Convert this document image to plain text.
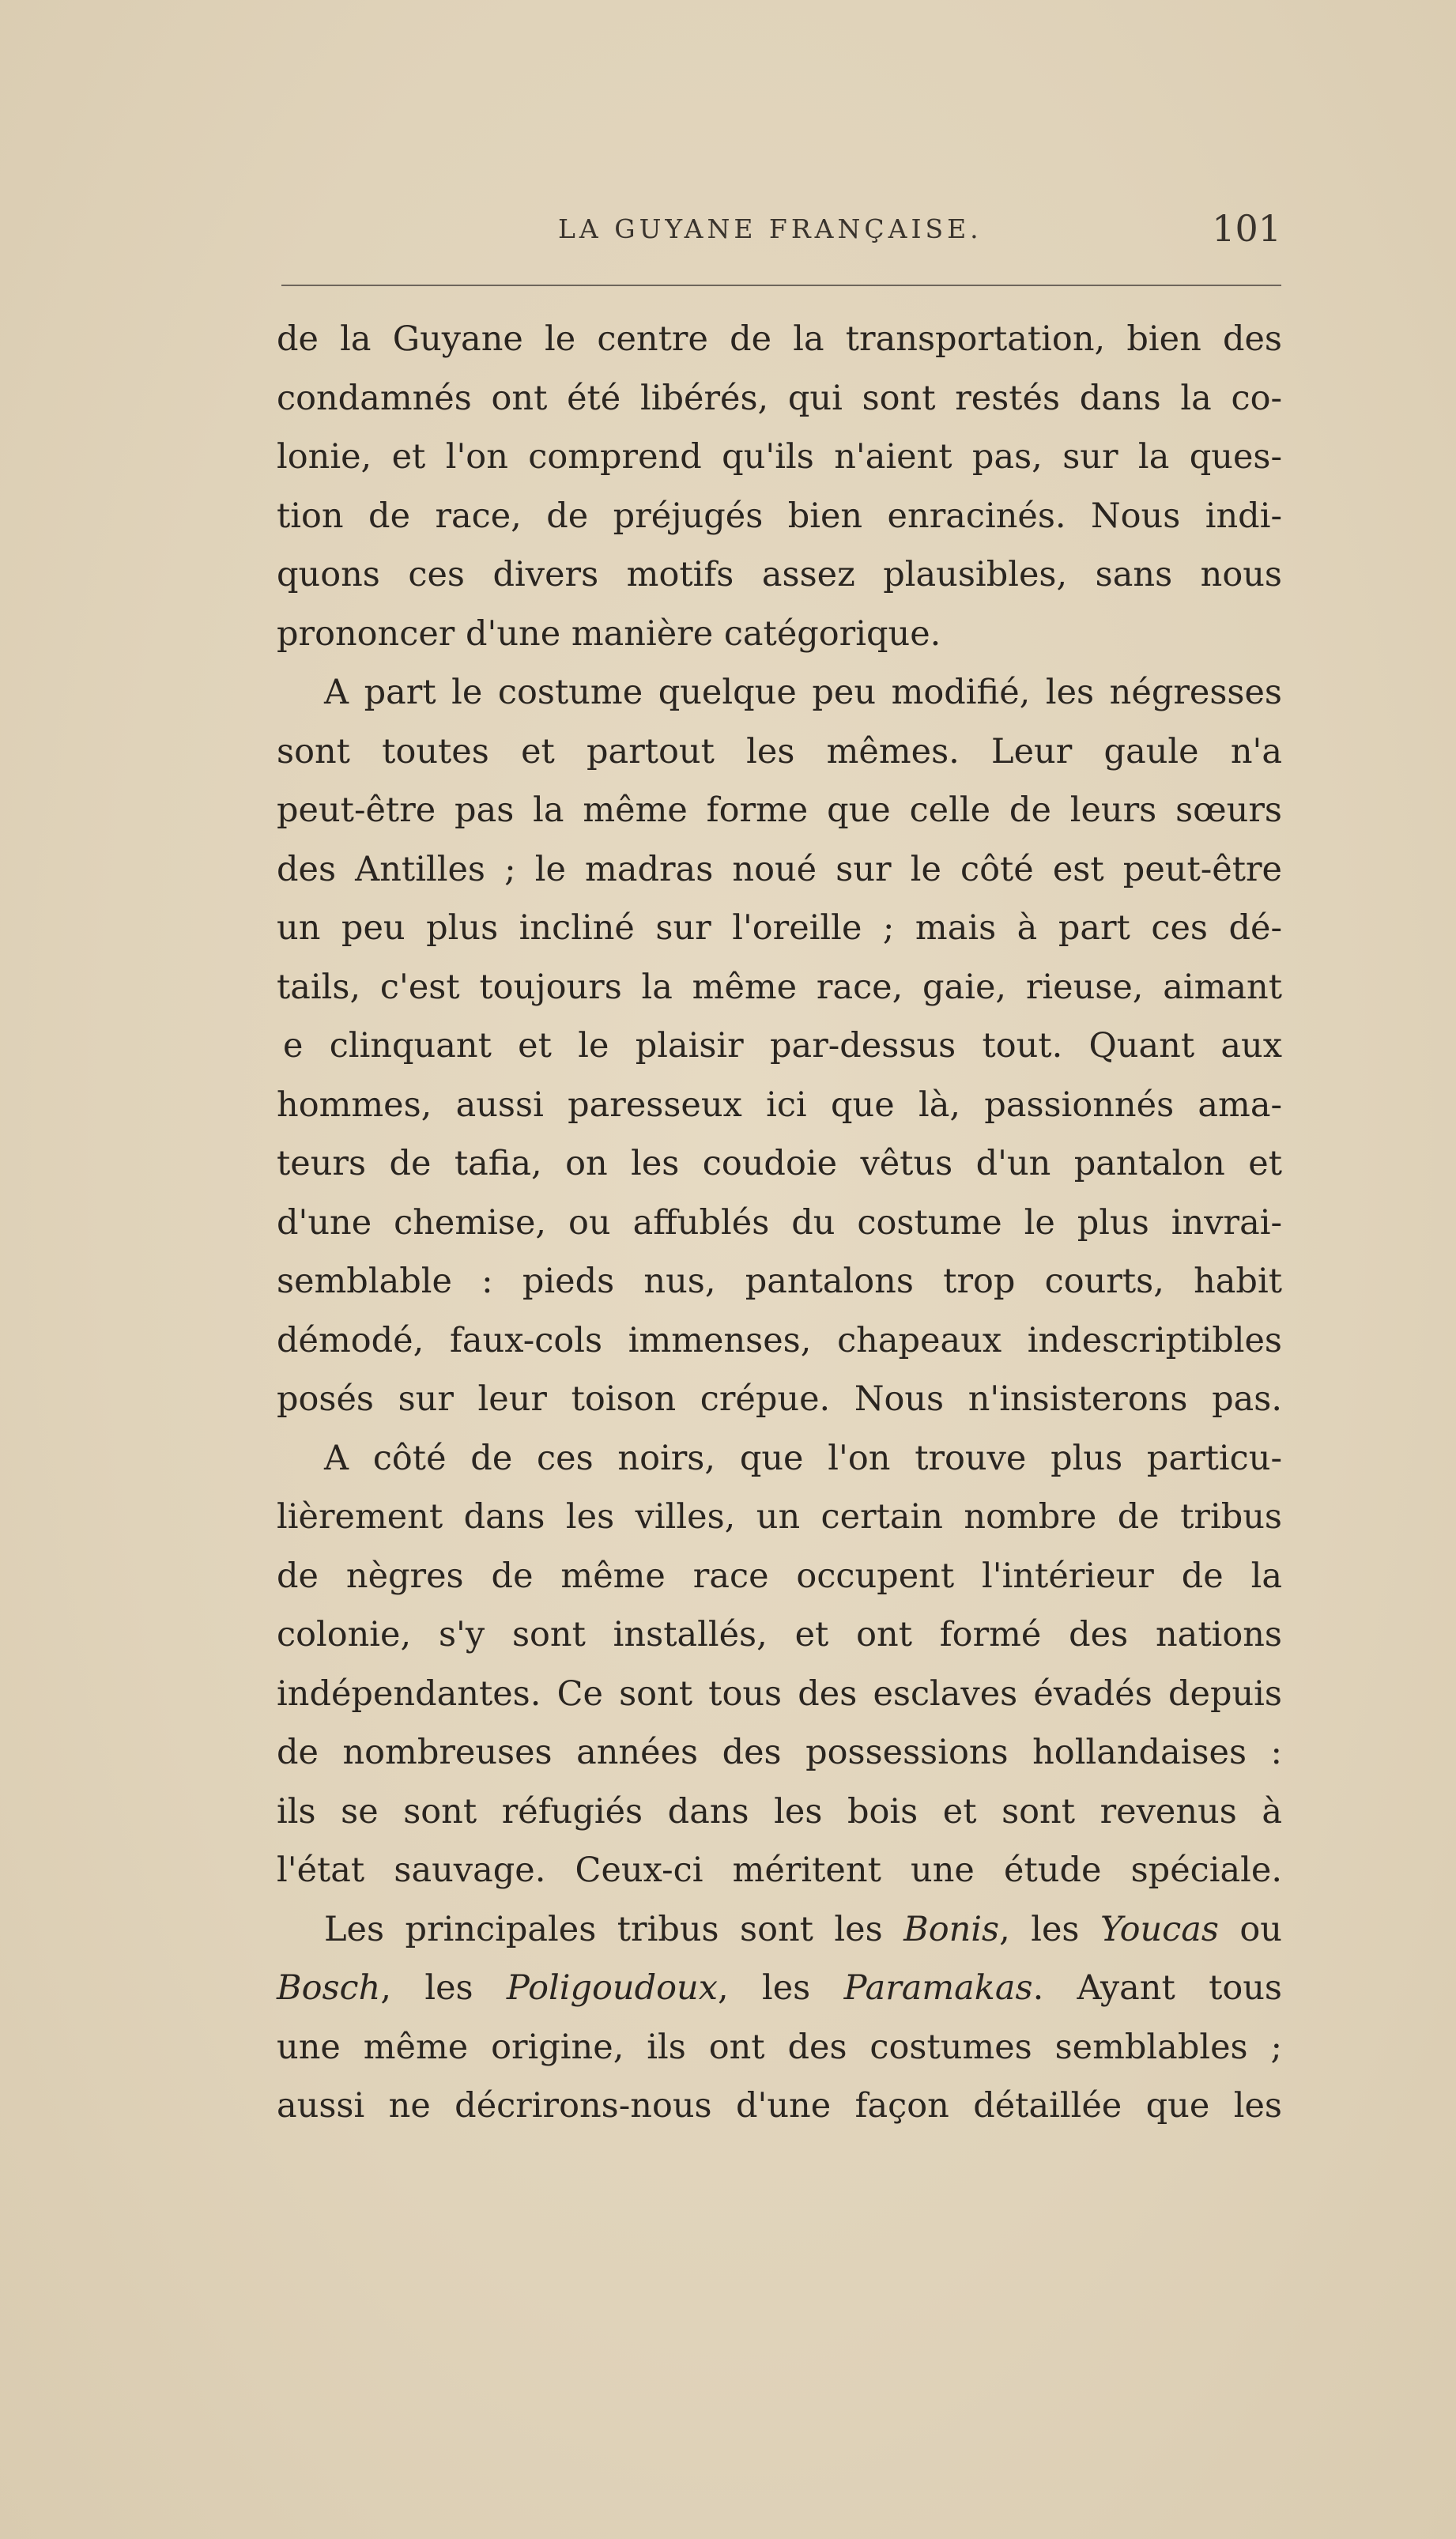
LA GUYANE FRANÇAISE.	101
de la Guyane le centre de la transportation, bien des
condamnés ont été libérés, qui sont restés dans la co-
lonie, et l'on comprend qu'ils n'aient pas, sur la ques-
tion de race, de préjugés bien enracinés. Nous indi-
quons ces divers motifs assez plausibles, sans nous
prononcer d'une manière catégorique.
A part le costume quelque peu modifié, les négresses
sont toutes et partout les mêmes. Leur gaule n'a
peut-être pas la même forme que celle de leurs sœurs
des Antilles ; le madras noué sur le côté est peut-être
un peu plus incliné sur l'oreille ; mais à part ces dé-
tails, c'est toujours la même race, gaie, rieuse, aimant
e clinquant et le plaisir par-dessus tout. Quant aux
hommes, aussi paresseux ici que là, passionnés ama-
teurs de tafia, on les coudoie vêtus d'un pantalon et
d'une chemise, ou affublés du costume le plus invrai-
semblable : pieds nus, pantalons trop courts, habit
démodé, faux-cols immenses, chapeaux indescriptibles
posés sur leur toison crépue. Nous n'insisterons pas.
A côté de ces noirs, que l'on trouve plus particu-
lièrement dans les villes, un certain nombre de tribus
de nègres de même race occupent l'intérieur de la
colonie, s'y sont installés, et ont formé des nations
indépendantes. Ce sont tous des esclaves évadés depuis
de nombreuses années des possessions hollandaises :
ils se sont réfugiés dans les bois et sont revenus à
l'état sauvage. Ceux-ci méritent une étude spéciale.
Les principales tribus sont les Bonis, les Youcas ou
Bosch, les Poligoudoux, les Paramakas. Ayant tous
une même origine, ils ont des costumes semblables ;
aussi ne décrirons-nous d'une façon détaillée que les
